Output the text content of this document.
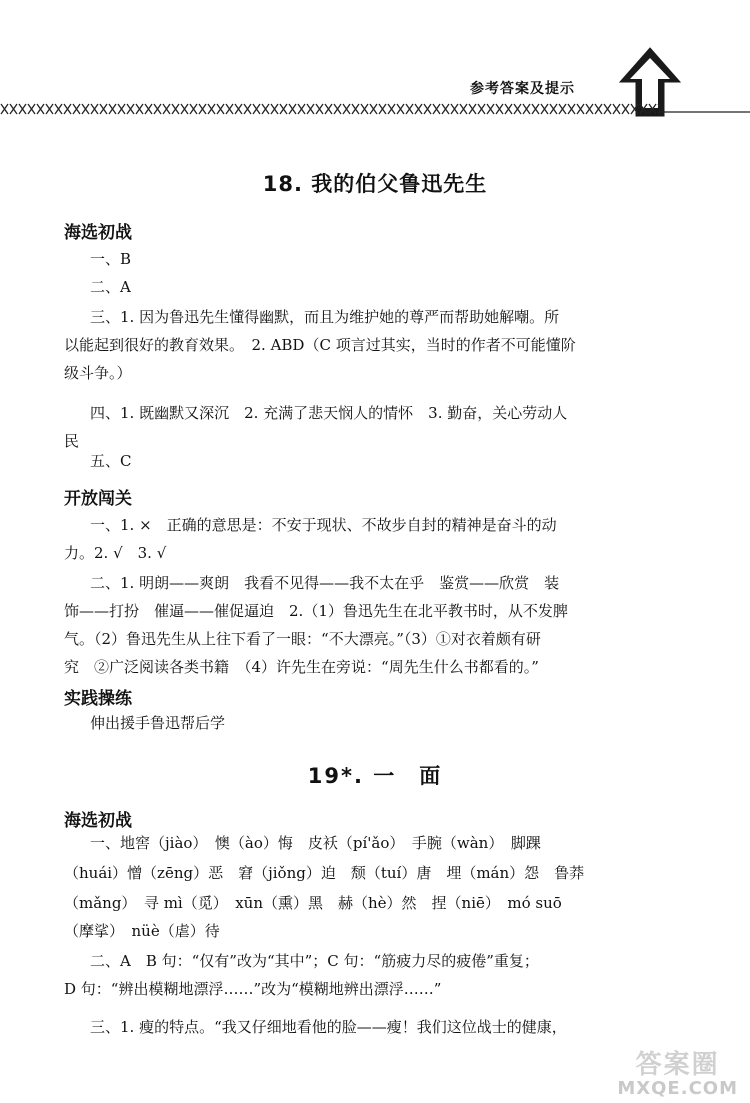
参考答案及提示
18. 我的伯父鲁迅先生
海选初战
一、B
二、A
三、1. 因为鲁迅先生懂得幽默，而且为维护她的尊严而帮助她解嘲。所
以能起到很好的教育效果。　2. ABD（C 项言过其实，当时的作者不可能懂阶
级斗争。）
四、1. 既幽默又深沉　2. 充满了悲天悯人的情怀　3. 勤奋，关心劳动人
民
五、C
开放闯关
一、1. ×　正确的意思是：不安于现状、不故步自封的精神是奋斗的动
力。2. √　3. √
二、1. 明朗——爽朗　我看不见得——我不太在乎　鉴赏——欣赏　装
饰——打扮　催逼——催促逼迫　2.（1）鲁迅先生在北平教书时，从不发脾
气。（2）鲁迅先生从上往下看了一眼：“不大漂亮。”（3）①对衣着颇有研
究　②广泛阅读各类书籍　（4）许先生在旁说：“周先生什么书都看的。”
实践操练
伸出援手鲁迅帮后学
19*. 一　面
海选初战
一、地窖（jiào）　懊（ào）悔　皮袄（pí'ǎo）　手腕（wàn）　脚踝
（huái）憎（zēng）恶　窘（jiǒng）迫　颓（tuí）唐　埋（mán）怨　鲁莽
（mǎng）　寻 mì（觅）　xūn（熏）黑　赫（hè）然　捏（niē）　mó suō
（摩挲）　nüè（虐）待
二、A　B 句：“仅有”改为“其中”；C 句：“筋疲力尽的疲倦”重复；
D 句：“辨出模糊地漂浮……”改为“模糊地辨出漂浮……”
三、1. 瘦的特点。“我又仔细地看他的脸——瘦！我们这位战士的健康，
答案圈
MXQE.COM
